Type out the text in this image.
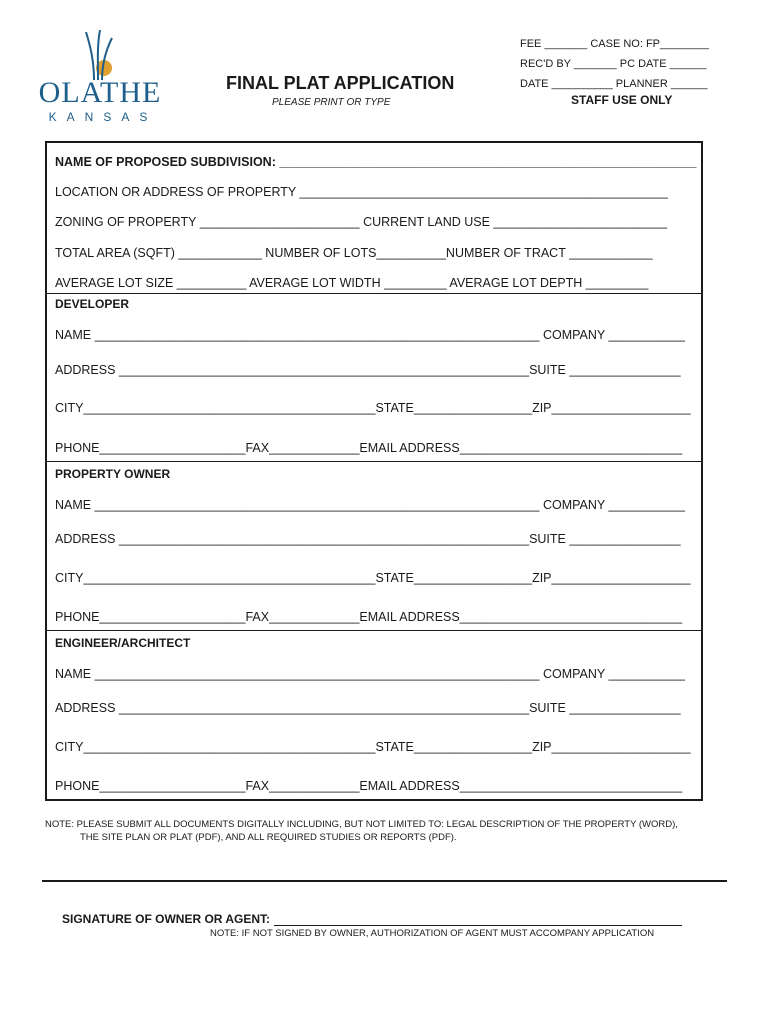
OLATHE
KANSAS
FINAL PLAT APPLICATION
PLEASE PRINT OR TYPE
FEE _______ CASE NO: FP________
REC'D BY _______ PC DATE ______
DATE __________ PLANNER ______
STAFF USE ONLY
NAME OF PROPOSED SUBDIVISION: ____________________________________________________________
LOCATION OR ADDRESS OF PROPERTY _____________________________________________________
ZONING OF PROPERTY _______________________ CURRENT LAND USE _________________________
TOTAL AREA (SQFT) ____________ NUMBER OF LOTS__________NUMBER OF TRACT ____________
AVERAGE LOT SIZE __________ AVERAGE LOT WIDTH _________ AVERAGE LOT DEPTH _________
DEVELOPER
NAME ________________________________________________________________ COMPANY ___________
ADDRESS ___________________________________________________________SUITE ________________
CITY__________________________________________STATE_________________ZIP____________________
PHONE_____________________FAX_____________EMAIL ADDRESS________________________________
PROPERTY OWNER
NAME ________________________________________________________________ COMPANY ___________
ADDRESS ___________________________________________________________SUITE ________________
CITY__________________________________________STATE_________________ZIP____________________
PHONE_____________________FAX_____________EMAIL ADDRESS________________________________
ENGINEER/ARCHITECT
NAME ________________________________________________________________ COMPANY ___________
ADDRESS ___________________________________________________________SUITE ________________
CITY__________________________________________STATE_________________ZIP____________________
PHONE_____________________FAX_____________EMAIL ADDRESS________________________________
NOTE: PLEASE SUBMIT ALL DOCUMENTS DIGITALLY INCLUDING, BUT NOT LIMITED TO: LEGAL DESCRIPTION OF THE PROPERTY (WORD),
THE SITE PLAN OR PLAT (PDF), AND ALL REQUIRED STUDIES OR REPORTS (PDF).
SIGNATURE OF OWNER OR AGENT:
NOTE: IF NOT SIGNED BY OWNER, AUTHORIZATION OF AGENT MUST ACCOMPANY APPLICATION
